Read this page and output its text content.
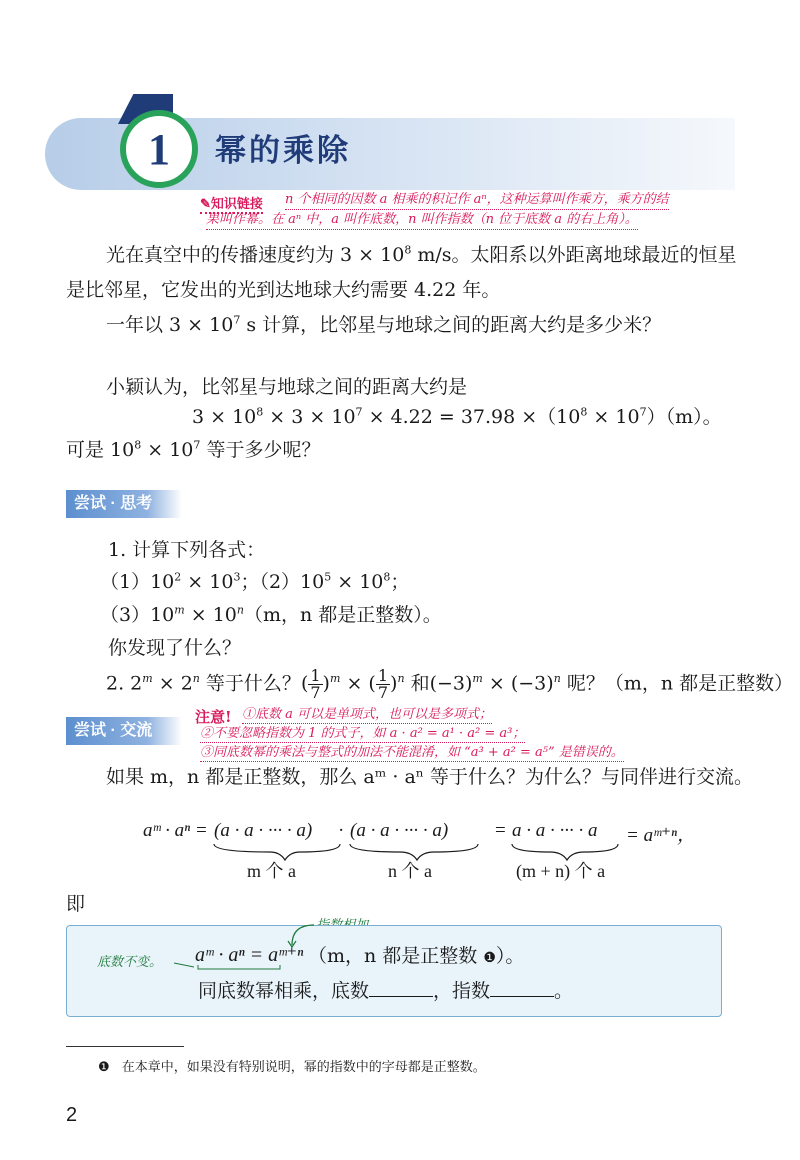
1 幂的乘除
✎知识链接 n 个相同的因数 a 相乘的积记作 aⁿ，这种运算叫作乘方，乘方的结
果叫作幂。在 aⁿ 中，a 叫作底数，n 叫作指数（n 位于底数 a 的右上角）。
光在真空中的传播速度约为 $3 \times 10^8$ m/s。太阳系以外距离地球最近的恒星
是比邻星，它发出的光到达地球大约需要 4.22 年。
一年以 $3 \times 10^7$ s 计算，比邻星与地球之间的距离大约是多少米？
小颖认为，比邻星与地球之间的距离大约是
$3 \times 10^8 \times 3 \times 10^7 \times 4.22 = 37.98 \times(10^8 \times 10^7)(m)$。
可是 $10^8 \times 10^7$ 等于多少呢？
尝试 · 思考
1. 计算下列各式：
$(1)10^2 \times 10^3$；$(2)10^5 \times 10^8$；
$(3)10^m \times 10^n(m$，n 都是正整数）。
你发现了什么？
2. $2^m \times 2^n$ 等于什么？( $\frac{1}{7} )^m$ × ( $\frac{1}{7} )^n$ 和$(-3)^m \times (-3)^n$ 呢？（m，n 都是正整数）
尝试 · 交流
注意! ①底数 a 可以是单项式，也可以是多项式；
②不要忽略指数为 1 的式子，如 a · a² = a¹ · a² = a³；
③同底数幂的乘法与整式的加法不能混淆，如 “a³ + a² = a⁵” 是错误的。
如果 m，n 都是正整数，那么 aᵐ · aⁿ 等于什么？为什么？与同伴进行交流。
aᵐ · aⁿ = (a · a · ··· · a) · (a · a · ··· · a) = a · a · ··· · a = aᵐ⁺ⁿ，
m 个 a	n 个 a	(m + n) 个 a
即
底数不变。 aᵐ · aⁿ = aᵐ⁺ⁿ （m，n 都是正整数 ❶）。
同底数幂相乘，底数	，指数	。
❶ 在本章中，如果没有特别说明，幂的指数中的字母都是正整数。
2
